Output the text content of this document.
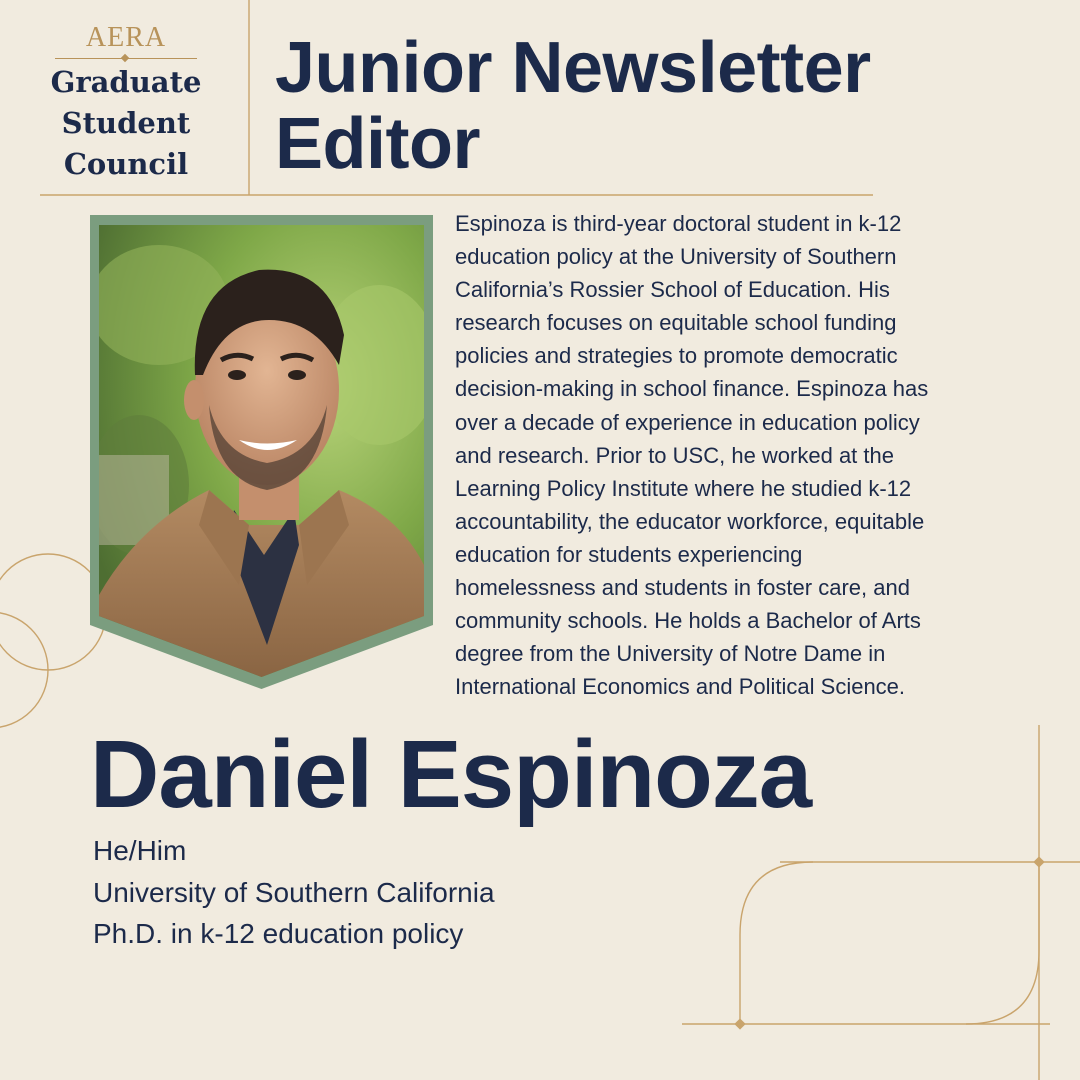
AERA
Graduate
Student
Council
Junior Newsletter
Editor
Espinoza is third-year doctoral student in k-12
education policy at the University of Southern
California’s Rossier School of Education. His
research focuses on equitable school funding
policies and strategies to promote democratic
decision-making in school finance. Espinoza has
over a decade of experience in education policy
and research. Prior to USC, he worked at the
Learning Policy Institute where he studied k-12
accountability, the educator workforce, equitable
education for students experiencing
homelessness and students in foster care, and
community schools. He holds a Bachelor of Arts
degree from the University of Notre Dame in
International Economics and Political Science.
Daniel Espinoza
He/Him
University of Southern California
Ph.D. in k-12 education policy
